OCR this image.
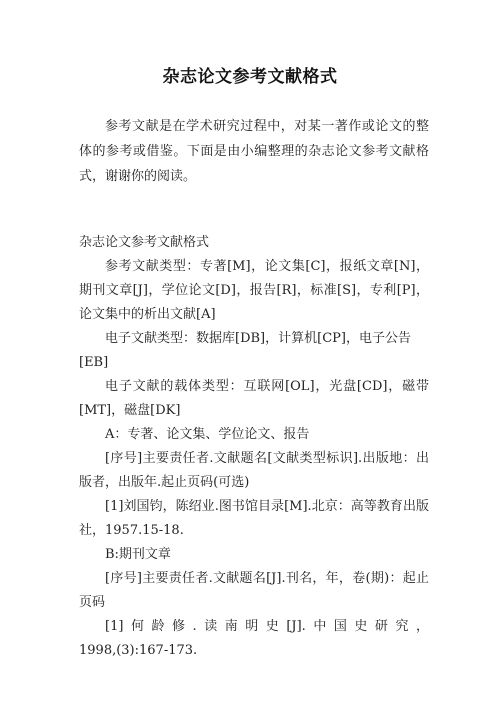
杂志论文参考文献格式
参考文献是在学术研究过程中，对某一著作或论文的整体的参考或借鉴。下面是由小编整理的杂志论文参考文献格式，谢谢你的阅读。

杂志论文参考文献格式

参考文献类型：专著[M]，论文集[C]，报纸文章[N]，期刊文章[J]，学位论文[D]，报告[R]，标准[S]，专利[P]，论文集中的析出文献[A]

电子文献类型：数据库[DB]，计算机[CP]，电子公告[EB]

电子文献的载体类型：互联网[OL]，光盘[CD]，磁带[MT]，磁盘[DK]

A：专著、论文集、学位论文、报告

[序号]主要责任者.文献题名[文献类型标识].出版地：出版者，出版年.起止页码(可选)

[1]刘国钧，陈绍业.图书馆目录[M].北京：高等教育出版社，1957.15-18.

B:期刊文章

[序号]主要责任者.文献题名[J].刊名，年，卷(期)：起止页码

[1]何龄修.读南明史[J].中国史研究，

1998,(3):167-173.
